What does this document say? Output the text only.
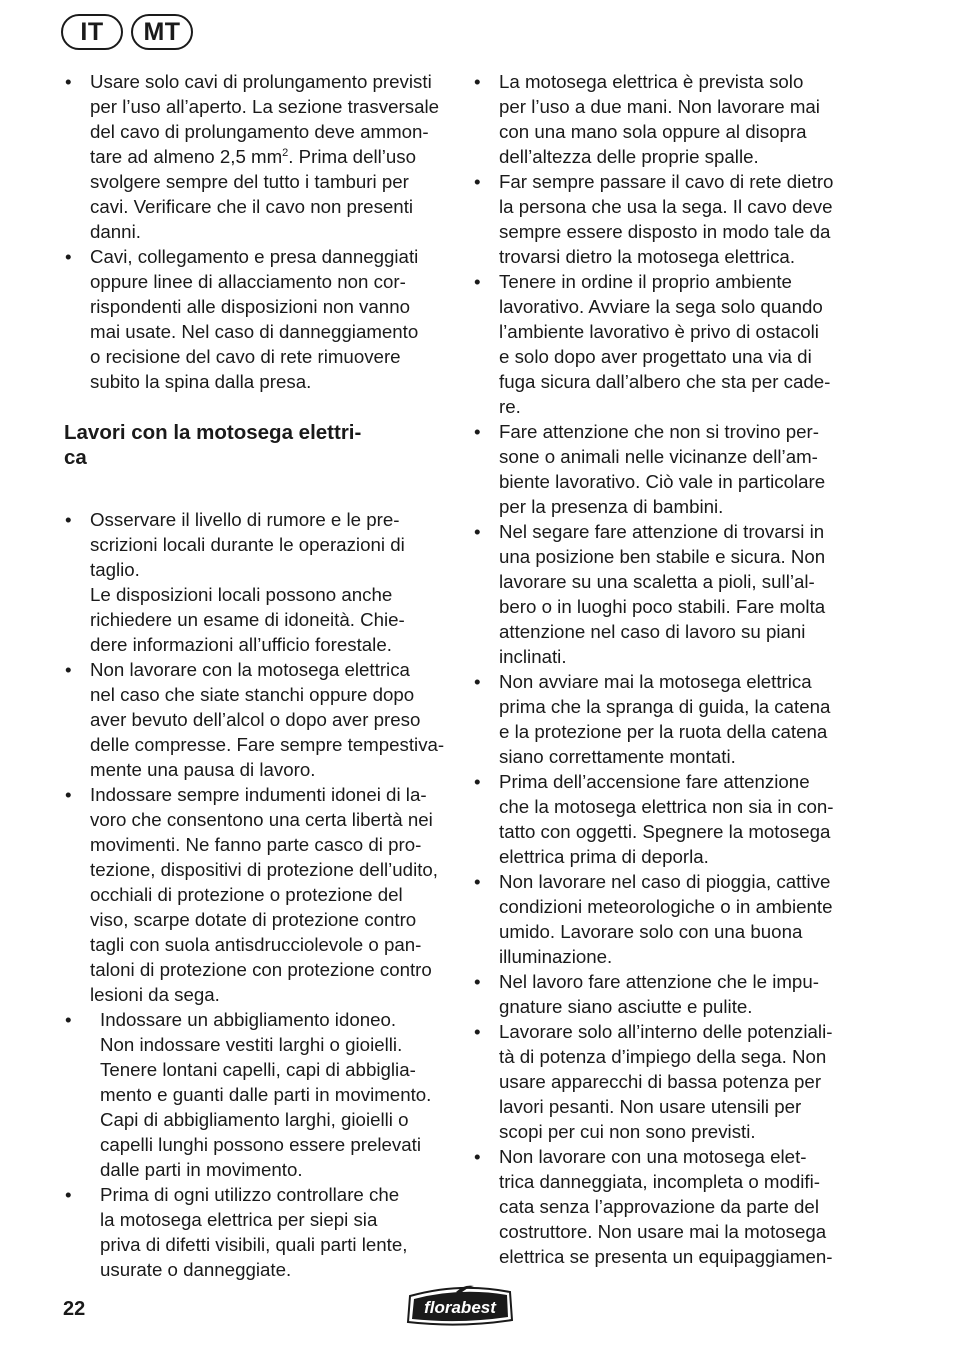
IT	MT
• Usare solo cavi di prolungamento previsti
per l’uso all’aperto. La sezione trasversale
del cavo di prolungamento deve ammon-
tare ad almeno 2,5 $mm^2$. Prima dell’uso
svolgere sempre del tutto i tamburi per
cavi. Verificare che il cavo non presenti
danni.
• Cavi, collegamento e presa danneggiati
oppure linee di allacciamento non cor-
rispondenti alle disposizioni non vanno
mai usate. Nel caso di danneggiamento
o recisione del cavo di rete rimuovere
subito la spina dalla presa.
Lavori con la motosega elettri-
ca
• Osservare il livello di rumore e le pre-
scrizioni locali durante le operazioni di
taglio.
Le disposizioni locali possono anche
richiedere un esame di idoneità. Chie-
dere informazioni all’ufficio forestale.
• Non lavorare con la motosega elettrica
nel caso che siate stanchi oppure dopo
aver bevuto dell’alcol o dopo aver preso
delle compresse. Fare sempre tempestiva-
mente una pausa di lavoro.
• Indossare sempre indumenti idonei di la-
voro che consentono una certa libertà nei
movimenti. Ne fanno parte casco di pro-
tezione, dispositivi di protezione dell’udito,
occhiali di protezione o protezione del
viso, scarpe dotate di protezione contro
tagli con suola antisdrucciolevole o pan-
taloni di protezione con protezione contro
lesioni da sega.
• Indossare un abbigliamento idoneo.
Non indossare vestiti larghi o gioielli.
Tenere lontani capelli, capi di abbiglia-
mento e guanti dalle parti in movimento.
Capi di abbigliamento larghi, gioielli o
capelli lunghi possono essere prelevati
dalle parti in movimento.
• Prima di ogni utilizzo controllare che
la motosega elettrica per siepi sia
priva di difetti visibili, quali parti lente,
usurate o danneggiate.
• La motosega elettrica è prevista solo
per l’uso a due mani. Non lavorare mai
con una mano sola oppure al disopra
dell’altezza delle proprie spalle.
• Far sempre passare il cavo di rete dietro
la persona che usa la sega. Il cavo deve
sempre essere disposto in modo tale da
trovarsi dietro la motosega elettrica.
• Tenere in ordine il proprio ambiente
lavorativo. Avviare la sega solo quando
l’ambiente lavorativo è privo di ostacoli
e solo dopo aver progettato una via di
fuga sicura dall’albero che sta per cade-
re.
• Fare attenzione che non si trovino per-
sone o animali nelle vicinanze dell’am-
biente lavorativo. Ciò vale in particolare
per la presenza di bambini.
• Nel segare fare attenzione di trovarsi in
una posizione ben stabile e sicura. Non
lavorare su una scaletta a pioli, sull’al-
bero o in luoghi poco stabili. Fare molta
attenzione nel caso di lavoro su piani
inclinati.
• Non avviare mai la motosega elettrica
prima che la spranga di guida, la catena
e la protezione per la ruota della catena
siano correttamente montati.
• Prima dell’accensione fare attenzione
che la motosega elettrica non sia in con-
tatto con oggetti. Spegnere la motosega
elettrica prima di deporla.
• Non lavorare nel caso di pioggia, cattive
condizioni meteorologiche o in ambiente
umido. Lavorare solo con una buona
illuminazione.
• Nel lavoro fare attenzione che le impu-
gnature siano asciutte e pulite.
• Lavorare solo all’interno delle potenziali-
tà di potenza d’impiego della sega. Non
usare apparecchi di bassa potenza per
lavori pesanti. Non usare utensili per
scopi per cui non sono previsti.
• Non lavorare con una motosega elet-
trica danneggiata, incompleta o modifi-
cata senza l’approvazione da parte del
costruttore. Non usare mai la motosega
elettrica se presenta un equipaggiamen-
22	florabest
